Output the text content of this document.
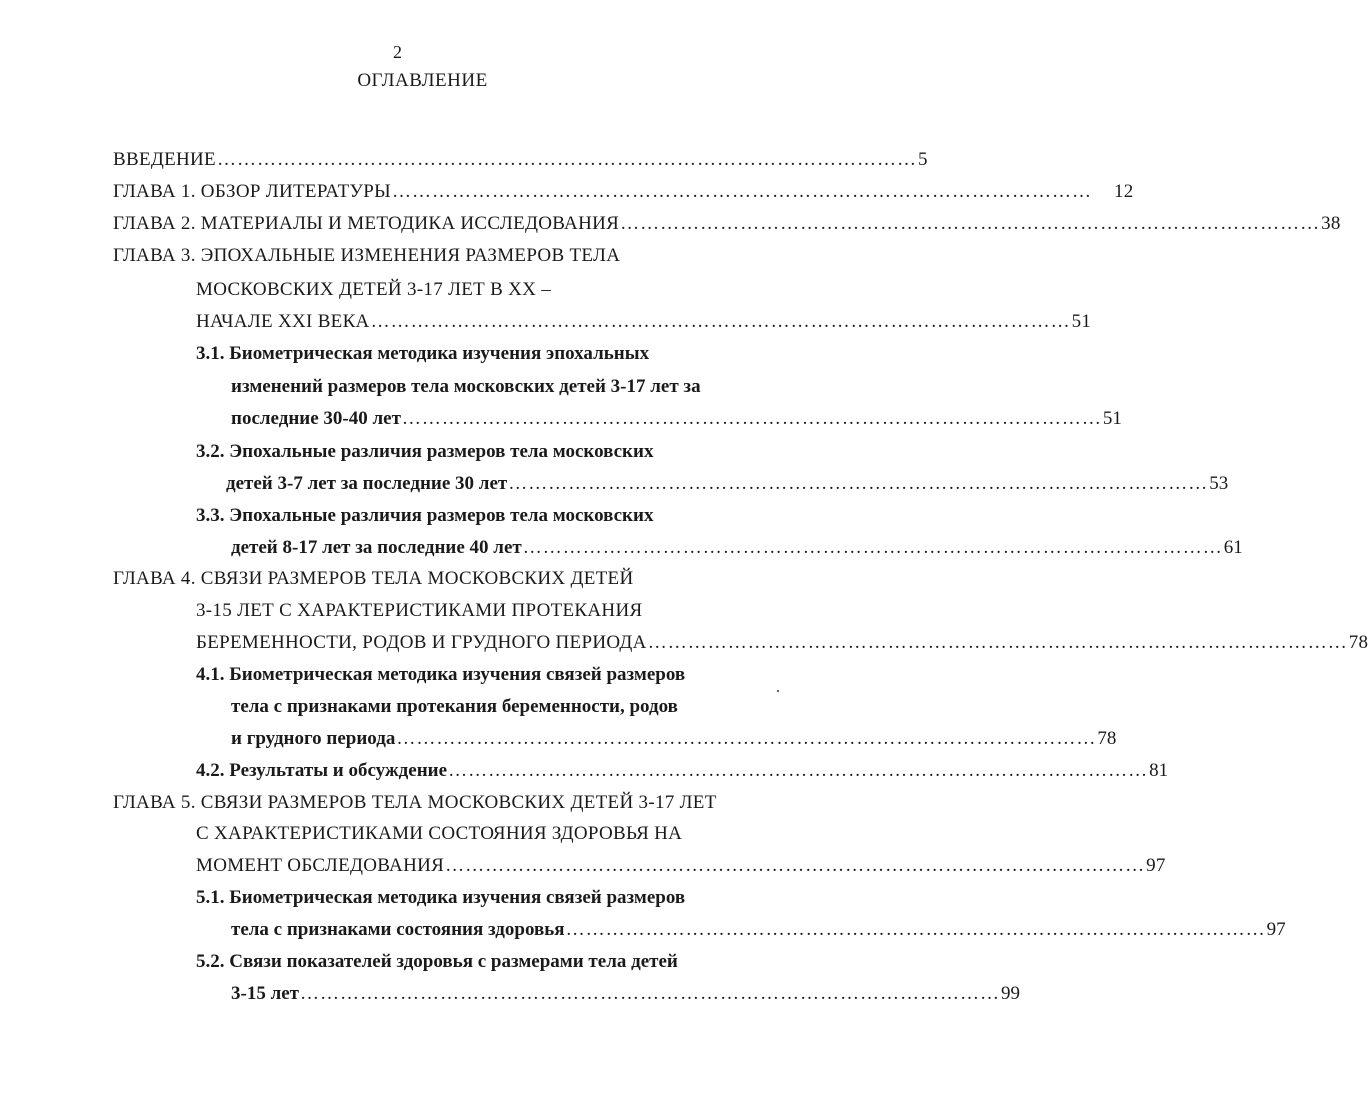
2
ОГЛАВЛЕНИЕ
ВВЕДЕНИЕ …………………………………………………………………………………………… 5
ГЛАВА 1. ОБЗОР ЛИТЕРАТУРЫ …………………………………………………………………………………………… 12
ГЛАВА 2. МАТЕРИАЛЫ И МЕТОДИКА ИССЛЕДОВАНИЯ …………………………………………………………………………………………… 38
ГЛАВА 3. ЭПОХАЛЬНЫЕ ИЗМЕНЕНИЯ РАЗМЕРОВ ТЕЛА
МОСКОВСКИХ ДЕТЕЙ 3-17 ЛЕТ В XX –
НАЧАЛЕ XXI ВЕКА …………………………………………………………………………………………… 51
3.1. Биометрическая методика изучения эпохальных
изменений размеров тела московских детей 3-17 лет за
последние 30-40 лет …………………………………………………………………………………………… 51
3.2. Эпохальные различия размеров тела московских
детей 3-7 лет за последние 30 лет …………………………………………………………………………………………… 53
3.3. Эпохальные различия размеров тела московских
детей 8-17 лет за последние 40 лет …………………………………………………………………………………………… 61
ГЛАВА 4. СВЯЗИ РАЗМЕРОВ ТЕЛА МОСКОВСКИХ ДЕТЕЙ
3-15 ЛЕТ С ХАРАКТЕРИСТИКАМИ ПРОТЕКАНИЯ
БЕРЕМЕННОСТИ, РОДОВ И ГРУДНОГО ПЕРИОДА …………………………………………………………………………………………… 78
4.1. Биометрическая методика изучения связей размеров
тела с признаками протекания беременности, родов
и грудного периода …………………………………………………………………………………………… 78
4.2. Результаты и обсуждение …………………………………………………………………………………………… 81
ГЛАВА 5. СВЯЗИ РАЗМЕРОВ ТЕЛА МОСКОВСКИХ ДЕТЕЙ 3-17 ЛЕТ
С ХАРАКТЕРИСТИКАМИ СОСТОЯНИЯ ЗДОРОВЬЯ НА
МОМЕНТ ОБСЛЕДОВАНИЯ …………………………………………………………………………………………… 97
5.1. Биометрическая методика изучения связей размеров
тела с признаками состояния здоровья …………………………………………………………………………………………… 97
5.2. Связи показателей здоровья с размерами тела детей
3-15 лет …………………………………………………………………………………………… 99
